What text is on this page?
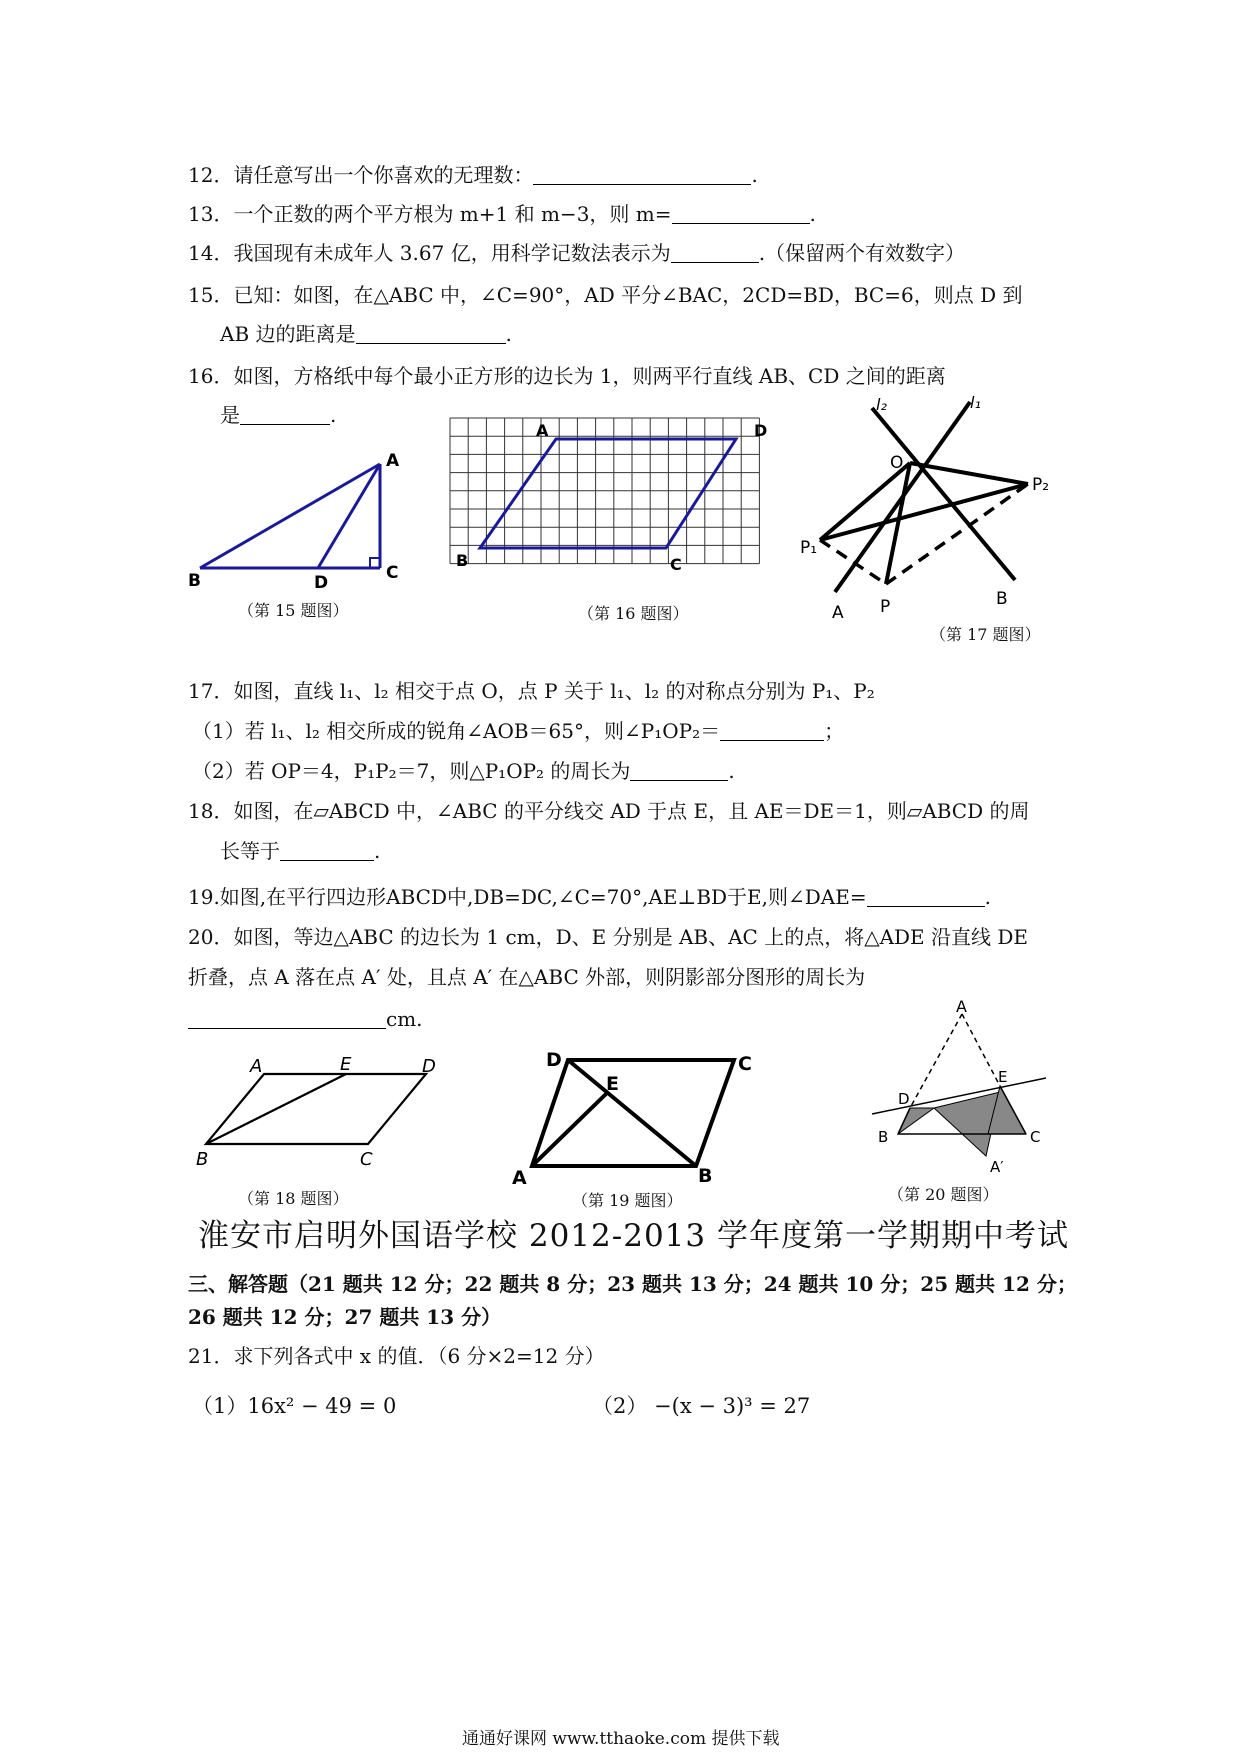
12．请任意写出一个你喜欢的无理数：	.
13．一个正数的两个平方根为 m+1 和 m−3，则 m=	.
14．我国现有未成年人 3.67 亿，用科学记数法表示为	.（保留两个有效数字）
15．已知：如图，在△ABC 中，∠C=90°，AD 平分∠BAC，2CD=BD，BC=6，则点 D 到
AB 边的距离是	.
16．如图，方格纸中每个最小正方形的边长为 1，则两平行直线 AB、CD 之间的距离
是	.
A
B	C
D
（第 15 题图）
A	D
B	C
（第 16 题图）
l₂	l₁
O
P₂
P₁
P
A
B
（第 17 题图）
17．如图，直线 l₁、l₂ 相交于点 O，点 P 关于 l₁、l₂ 的对称点分别为 P₁、P₂
（1）若 l₁、l₂ 相交所成的锐角∠AOB＝65°，则∠P₁OP₂＝	；
（2）若 OP＝4，P₁P₂＝7，则△P₁OP₂ 的周长为	.
18．如图，在▱ABCD 中，∠ABC 的平分线交 AD 于点 E，且 AE＝DE＝1，则▱ABCD 的周
长等于	.
19.如图,在平行四边形ABCD中,DB=DC,∠C=70°,AE⊥BD于E,则∠DAE=	.
20．如图，等边△ABC 的边长为 1 cm，D、E 分别是 AB、AC 上的点，将△ADE 沿直线 DE
折叠，点 A 落在点 A′ 处，且点 A′ 在△ABC 外部，则阴影部分图形的周长为
cm.
A	E	D
B	C
（第 18 题图）
D
E
C
A	B
（第 19 题图）
A
D
E
B	C
A′
（第 20 题图）
淮安市启明外国语学校 2012-2013 学年度第一学期期中考试
三、解答题（21 题共 12 分；22 题共 8 分；23 题共 13 分；24 题共 10 分；25 题共 12 分；
26 题共 12 分；27 题共 13 分）
21．求下列各式中 x 的值．（6 分×2=12 分）
（1）16x² − 49 = 0	（2） −(x − 3)³ = 27
通通好课网 www.tthaoke.com 提供下载
